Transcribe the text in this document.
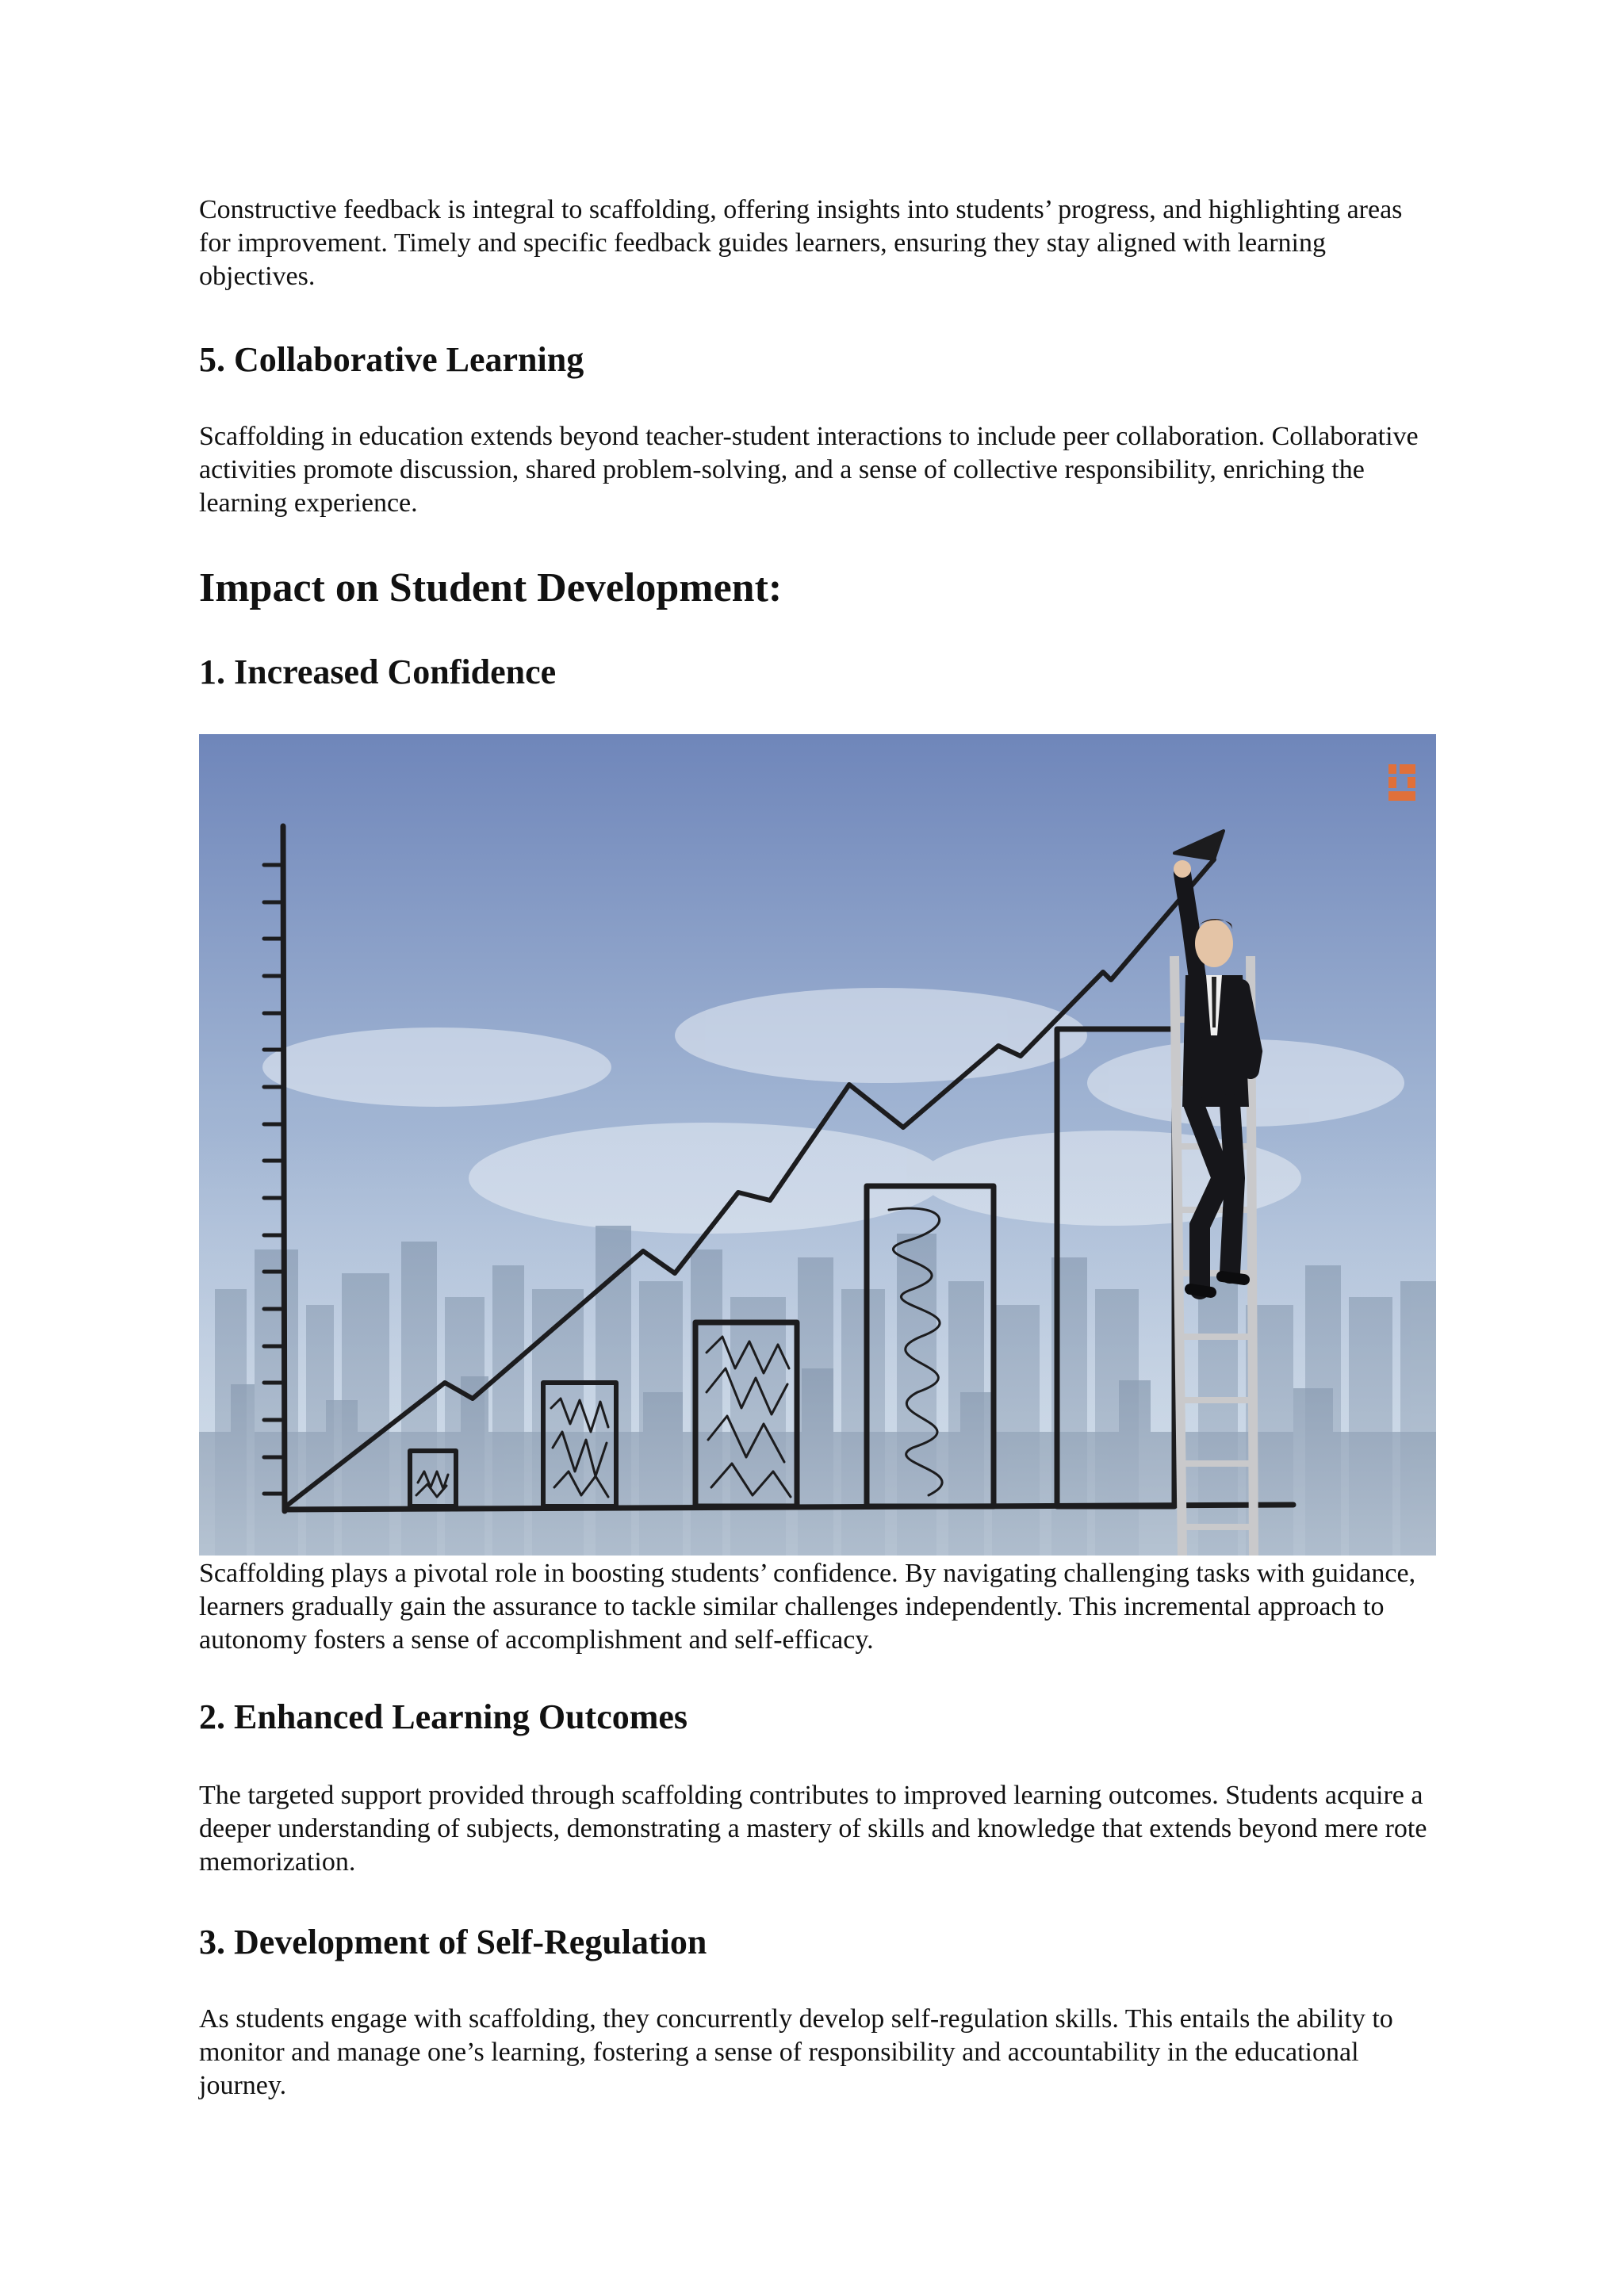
Constructive feedback is integral to scaffolding, offering insights into students’ progress, and highlighting areas for improvement. Timely and specific feedback guides learners, ensuring they stay aligned with learning objectives.

5. Collaborative Learning

Scaffolding in education extends beyond teacher-student interactions to include peer collaboration. Collaborative activities promote discussion, shared problem-solving, and a sense of collective responsibility, enriching the learning experience.

Impact on Student Development:
1. Increased Confidence

Scaffolding plays a pivotal role in boosting students’ confidence. By navigating challenging tasks with guidance, learners gradually gain the assurance to tackle similar challenges independently. This incremental approach to autonomy fosters a sense of accomplishment and self-efficacy.

2. Enhanced Learning Outcomes

The targeted support provided through scaffolding contributes to improved learning outcomes. Students acquire a deeper understanding of subjects, demonstrating a mastery of skills and knowledge that extends beyond mere rote memorization.

3. Development of Self-Regulation

As students engage with scaffolding, they concurrently develop self-regulation skills. This entails the ability to monitor and manage one’s learning, fostering a sense of responsibility and accountability in the educational journey.
